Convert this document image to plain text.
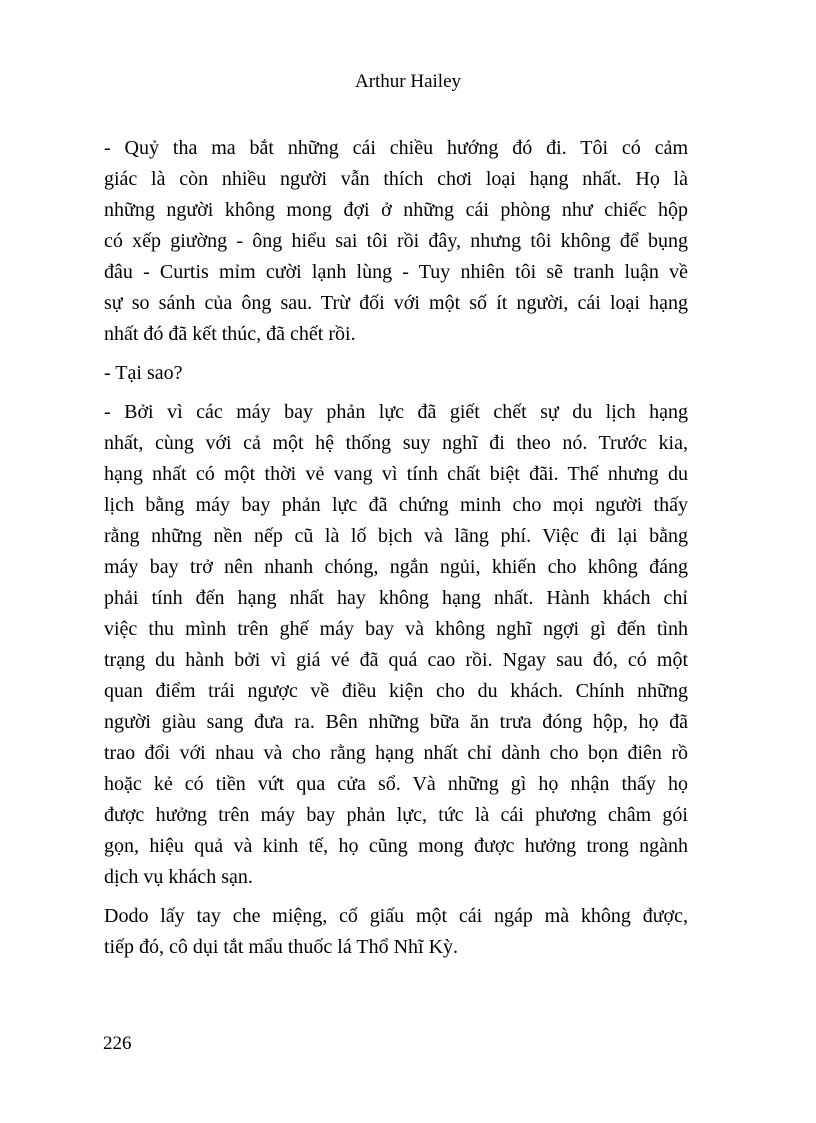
Arthur Hailey
- Quỷ tha ma bắt những cái chiều hướng đó đi. Tôi có cảm
giác là còn nhiều người vẫn thích chơi loại hạng nhất. Họ là
những người không mong đợi ở những cái phòng như chiếc hộp
có xếp giường - ông hiểu sai tôi rồi đây, nhưng tôi không để bụng
đâu - Curtis mỉm cười lạnh lùng - Tuy nhiên tôi sẽ tranh luận về
sự so sánh của ông sau. Trừ đối với một số ít người, cái loại hạng
nhất đó đã kết thúc, đã chết rồi.
- Tại sao?
- Bởi vì các máy bay phản lực đã giết chết sự du lịch hạng
nhất, cùng với cả một hệ thống suy nghĩ đi theo nó. Trước kia,
hạng nhất có một thời vẻ vang vì tính chất biệt đãi. Thế nhưng du
lịch bằng máy bay phản lực đã chứng minh cho mọi người thấy
rằng những nền nếp cũ là lố bịch và lãng phí. Việc đi lại bằng
máy bay trở nên nhanh chóng, ngắn ngủi, khiến cho không đáng
phải tính đến hạng nhất hay không hạng nhất. Hành khách chỉ
việc thu mình trên ghế máy bay và không nghĩ ngợi gì đến tình
trạng du hành bởi vì giá vé đã quá cao rồi. Ngay sau đó, có một
quan điểm trái ngược về điều kiện cho du khách. Chính những
người giàu sang đưa ra. Bên những bữa ăn trưa đóng hộp, họ đã
trao đổi với nhau và cho rằng hạng nhất chỉ dành cho bọn điên rồ
hoặc kẻ có tiền vứt qua cửa sổ. Và những gì họ nhận thấy họ
được hưởng trên máy bay phản lực, tức là cái phương châm gói
gọn, hiệu quả và kinh tế, họ cũng mong được hưởng trong ngành
dịch vụ khách sạn.
Dodo lấy tay che miệng, cố giấu một cái ngáp mà không được,
tiếp đó, cô dụi tắt mẩu thuốc lá Thổ Nhĩ Kỳ.
226
